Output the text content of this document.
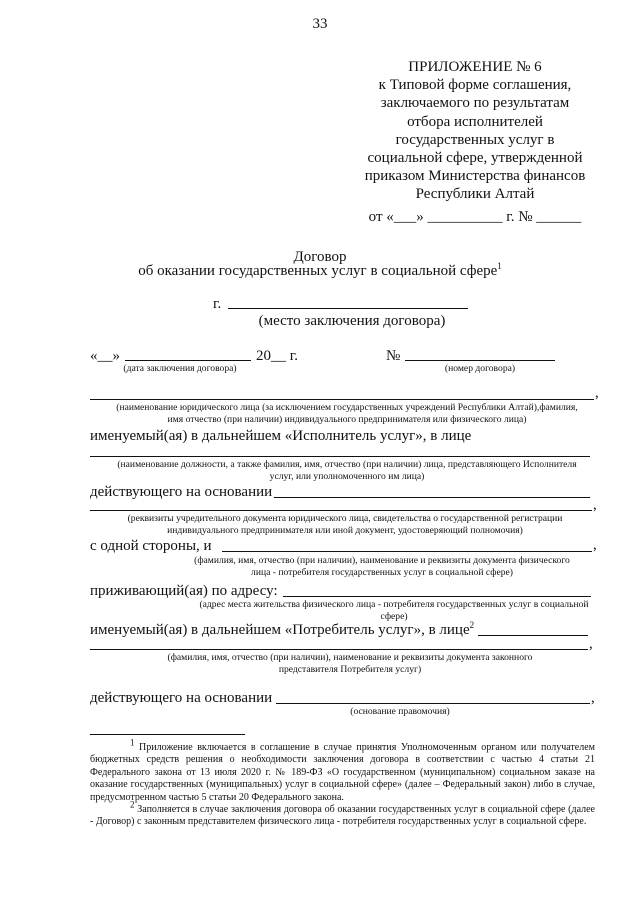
33
ПРИЛОЖЕНИЕ № 6
к Типовой форме соглашения,
заключаемого по результатам
отбора исполнителей
государственных услуг в
социальной сфере, утвержденной
приказом Министерства финансов
Республики Алтай
от «___» __________ г. № ______
Договор
об оказании государственных услуг в социальной сфере$^1$
г.
(место заключения договора)
«__»	20__ г.	№
(дата заключения договора)	(номер договора)
,
(наименование юридического лица (за исключением государственных учреждений Республики Алтай),фамилия, имя отчество (при наличии) индивидуального предпринимателя или физического лица)
именуемый(ая) в дальнейшем «Исполнитель услуг», в лице
(наименование должности, а также фамилия, имя, отчество (при наличии) лица, представляющего Исполнителя услуг, или уполномоченного им лица)
действующего на основании
,
(реквизиты учредительного документа юридического лица, свидетельства о государственной регистрации индивидуального предпринимателя или иной документ, удостоверяющий полномочия)
с одной стороны, и	,
(фамилия, имя, отчество (при наличии), наименование и реквизиты документа физического лица - потребителя государственных услуг в социальной сфере)
приживающий(ая) по адресу:
(адрес места жительства физического лица - потребителя государственных услуг в социальной сфере)
именуемый(ая) в дальнейшем «Потребитель услуг», в лице$^2$
,
(фамилия, имя, отчество (при наличии), наименование и реквизиты документа законного представителя Потребителя услуг)
действующего на основании	,
(основание правомочия)

$^1$ Приложение включается в соглашение в случае принятия Уполномоченным органом или получателем бюджетных средств решения о необходимости заключения договора в соответствии с частью 4 статьи 21 Федерального закона от 13 июля 2020 г. № 189-ФЗ «О государственном (муниципальном) социальном заказе на оказание государственных (муниципальных) услуг в социальной сфере» (далее – Федеральный закон) либо в случае, предусмотренном частью 5 статьи 20 Федерального закона.

$^2$ Заполняется в случае заключения договора об оказании государственных услуг в социальной сфере (далее - Договор) с законным представителем физического лица - потребителя государственных услуг в социальной сфере.
